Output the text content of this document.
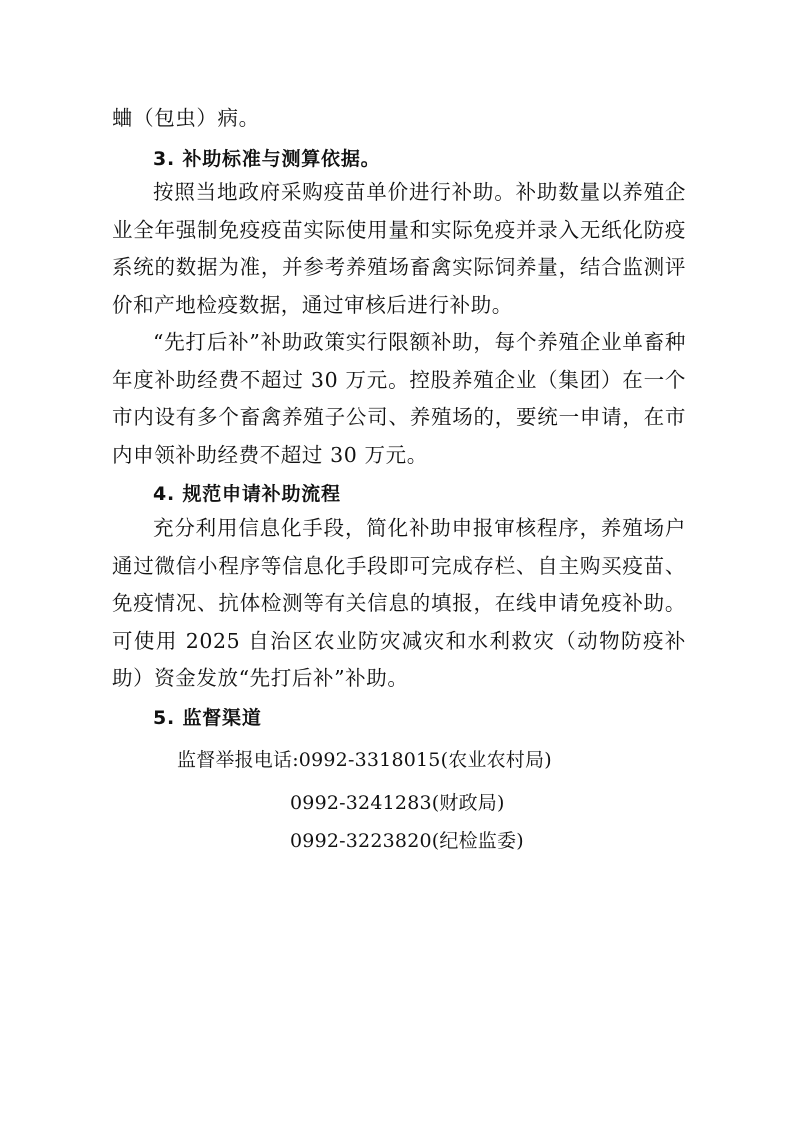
蛐（包虫）病。

3. 补助标准与测算依据。

按照当地政府采购疫苗单价进行补助。补助数量以养殖企业全年强制免疫疫苗实际使用量和实际免疫并录入无纸化防疫系统的数据为准，并参考养殖场畜禽实际饲养量，结合监测评价和产地检疫数据，通过审核后进行补助。

“先打后补”补助政策实行限额补助，每个养殖企业单畜种年度补助经费不超过 30 万元。控股养殖企业（集团）在一个市内设有多个畜禽养殖子公司、养殖场的，要统一申请，在市内申领补助经费不超过 30 万元。

4. 规范申请补助流程

充分利用信息化手段，简化补助申报审核程序，养殖场户通过微信小程序等信息化手段即可完成存栏、自主购买疫苗、免疫情况、抗体检测等有关信息的填报，在线申请免疫补助。可使用 2025 自治区农业防灾减灾和水利救灾（动物防疫补助）资金发放“先打后补”补助。

5. 监督渠道

监督举报电话:0992-3318015(农业农村局)

0992-3241283(财政局)

0992-3223820(纪检监委)
